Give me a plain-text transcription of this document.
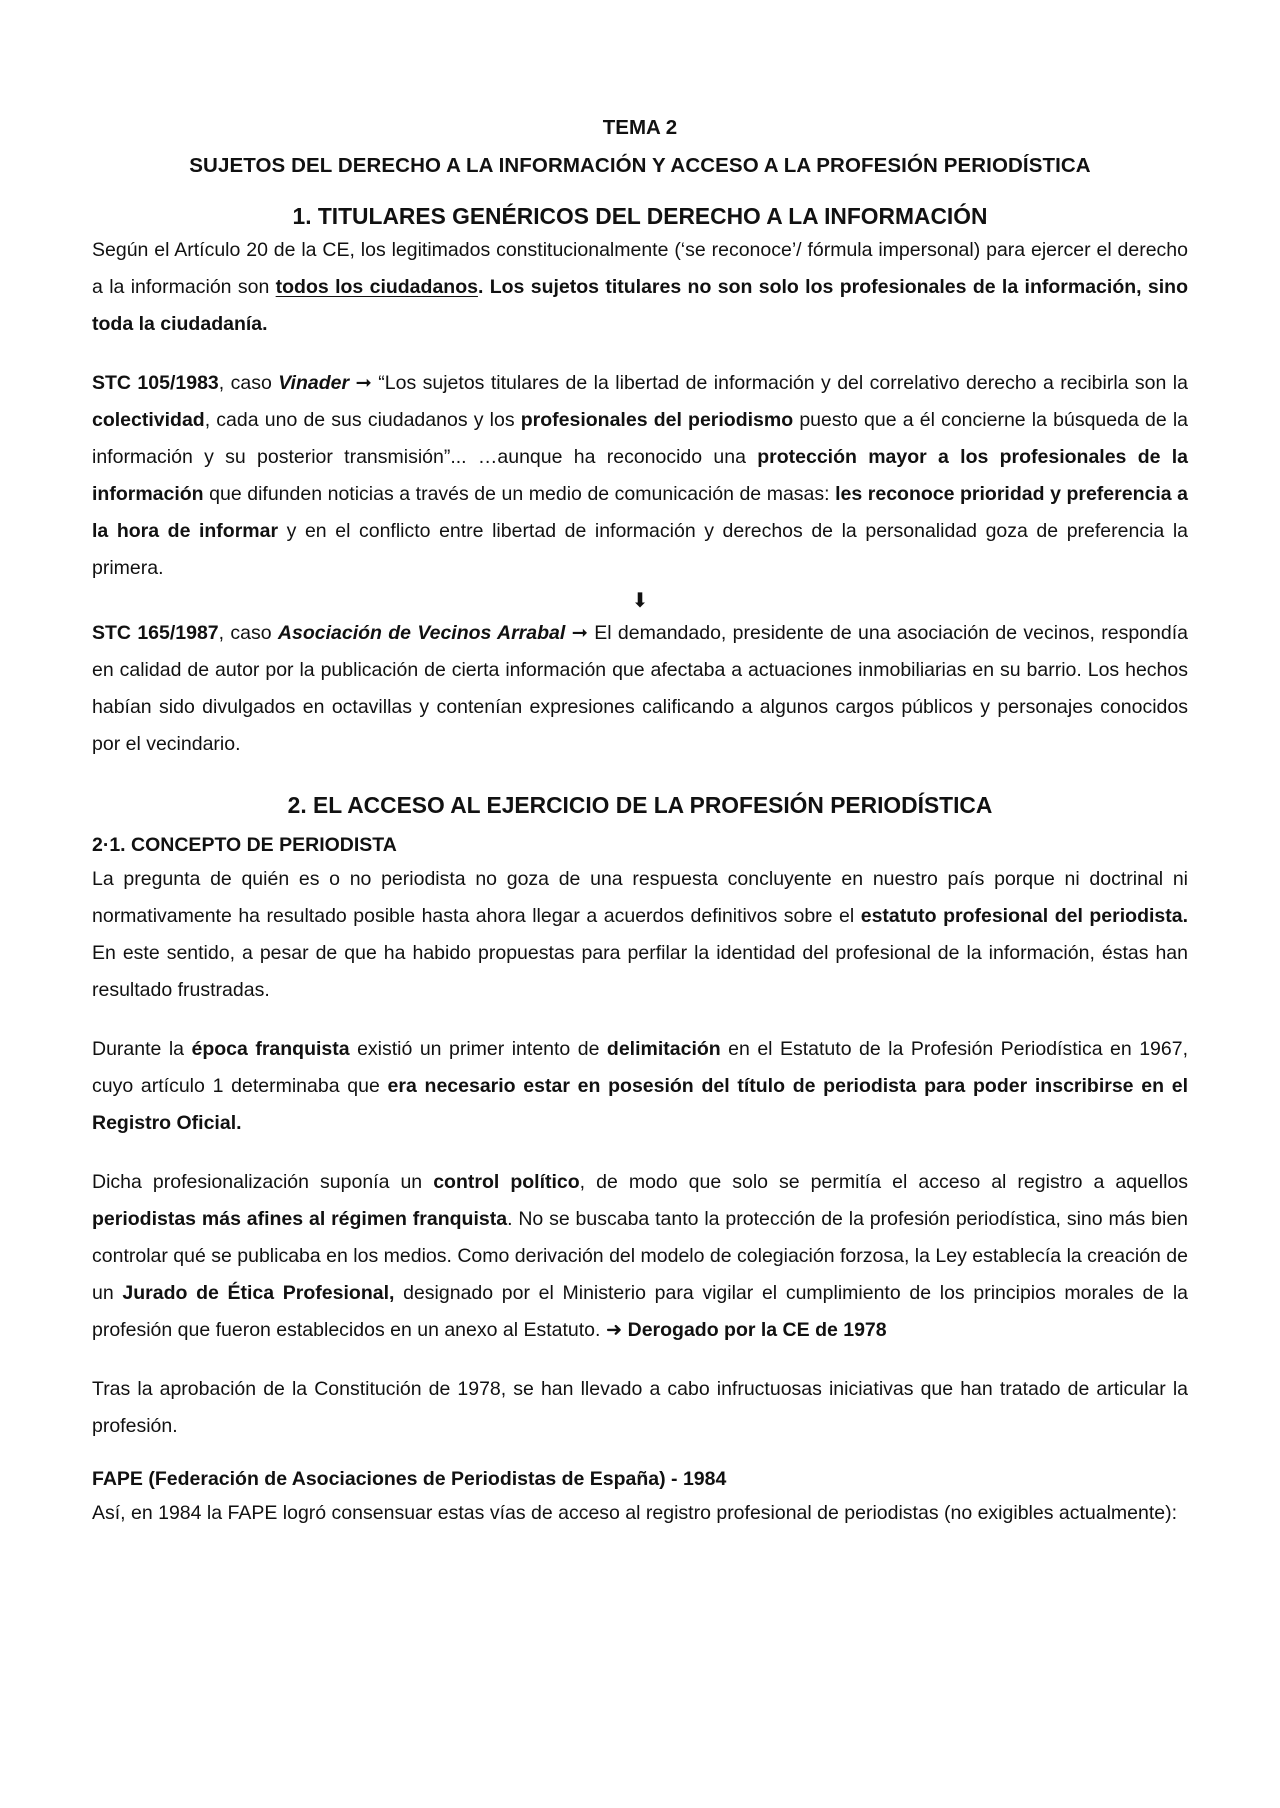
TEMA 2
SUJETOS DEL DERECHO A LA INFORMACIÓN Y ACCESO A LA PROFESIÓN PERIODÍSTICA
1. TITULARES GENÉRICOS DEL DERECHO A LA INFORMACIÓN

Según el Artículo 20 de la CE, los legitimados constitucionalmente (‘se reconoce’/ fórmula impersonal) para ejercer el derecho a la información son todos los ciudadanos. Los sujetos titulares no son solo los profesionales de la información, sino toda la ciudadanía.

STC 105/1983, caso Vinader ➞ “Los sujetos titulares de la libertad de información y del correlativo derecho a recibirla son la colectividad, cada uno de sus ciudadanos y los profesionales del periodismo puesto que a él concierne la búsqueda de la información y su posterior transmisión”... …aunque ha reconocido una protección mayor a los profesionales de la información que difunden noticias a través de un medio de comunicación de masas: les reconoce prioridad y preferencia a la hora de informar y en el conflicto entre libertad de información y derechos de la personalidad goza de preferencia la primera.

⬇

STC 165/1987, caso Asociación de Vecinos Arrabal ➞ El demandado, presidente de una asociación de vecinos, respondía en calidad de autor por la publicación de cierta información que afectaba a actuaciones inmobiliarias en su barrio. Los hechos habían sido divulgados en octavillas y contenían expresiones calificando a algunos cargos públicos y personajes conocidos por el vecindario.

2. EL ACCESO AL EJERCICIO DE LA PROFESIÓN PERIODÍSTICA
2·1. CONCEPTO DE PERIODISTA

La pregunta de quién es o no periodista no goza de una respuesta concluyente en nuestro país porque ni doctrinal ni normativamente ha resultado posible hasta ahora llegar a acuerdos definitivos sobre el estatuto profesional del periodista. En este sentido, a pesar de que ha habido propuestas para perfilar la identidad del profesional de la información, éstas han resultado frustradas.

Durante la época franquista existió un primer intento de delimitación en el Estatuto de la Profesión Periodística en 1967, cuyo artículo 1 determinaba que era necesario estar en posesión del título de periodista para poder inscribirse en el Registro Oficial.

Dicha profesionalización suponía un control político, de modo que solo se permitía el acceso al registro a aquellos periodistas más afines al régimen franquista. No se buscaba tanto la protección de la profesión periodística, sino más bien controlar qué se publicaba en los medios. Como derivación del modelo de colegiación forzosa, la Ley establecía la creación de un Jurado de Ética Profesional, designado por el Ministerio para vigilar el cumplimiento de los principios morales de la profesión que fueron establecidos en un anexo al Estatuto. ➜ Derogado por la CE de 1978

Tras la aprobación de la Constitución de 1978, se han llevado a cabo infructuosas iniciativas que han tratado de articular la profesión.

FAPE (Federación de Asociaciones de Periodistas de España) - 1984

Así, en 1984 la FAPE logró consensuar estas vías de acceso al registro profesional de periodistas (no exigibles actualmente):
